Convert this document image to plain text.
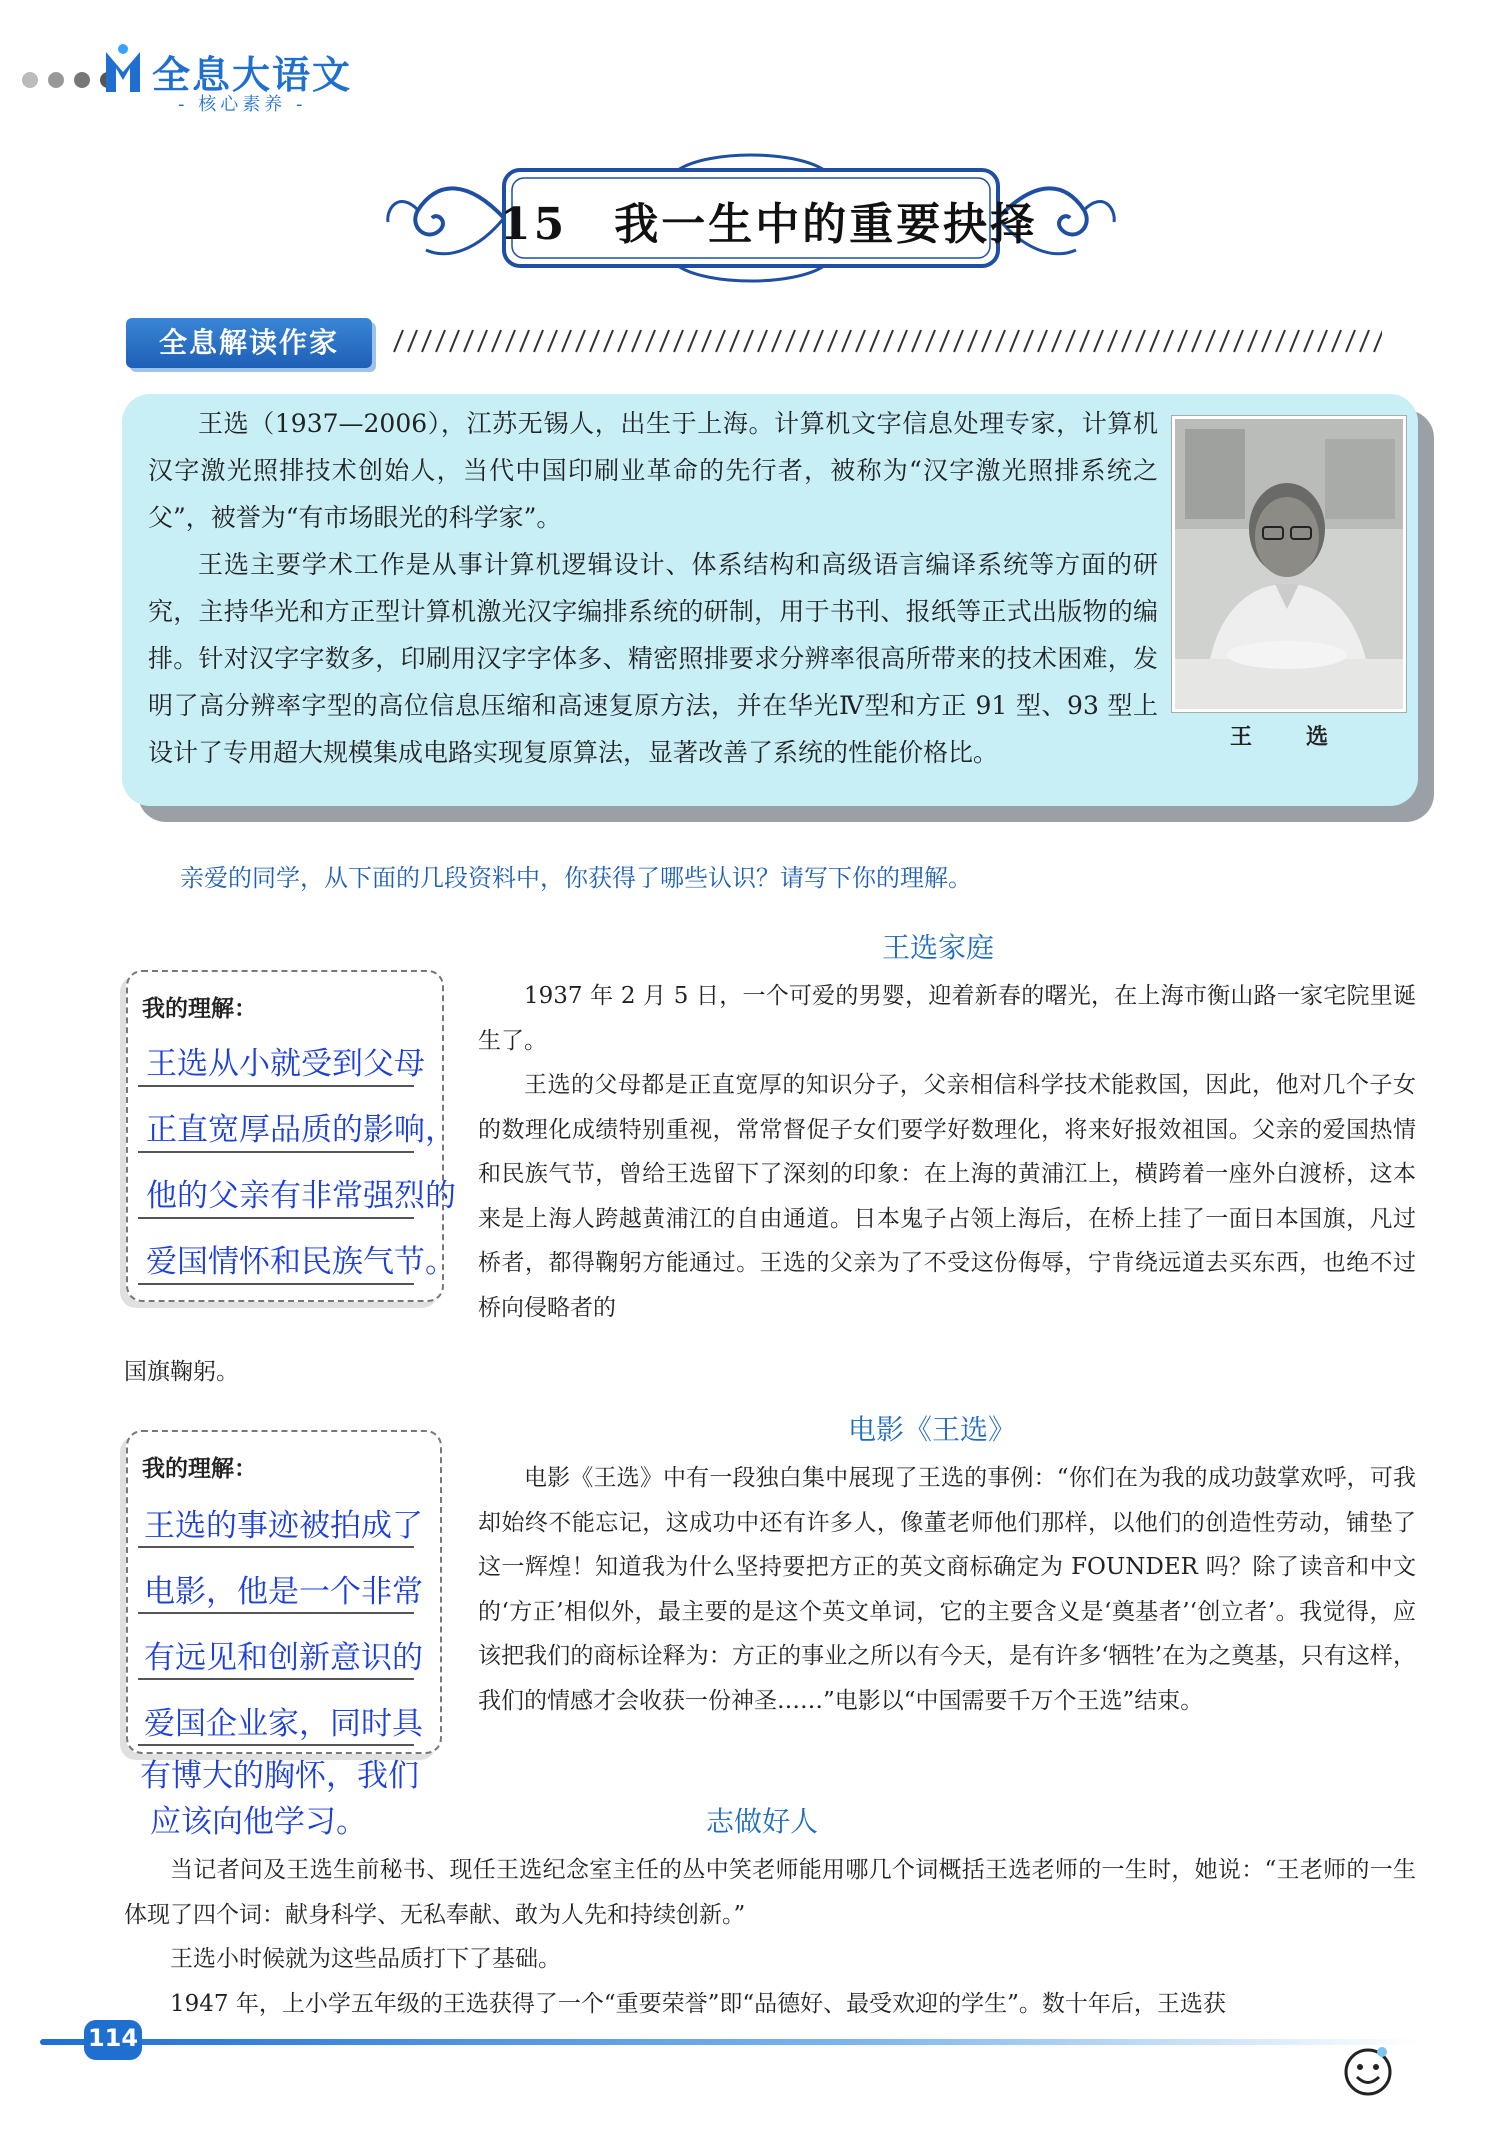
全息大语文
- 核心素养 -
15　我一生中的重要抉择
全息解读作家

王选（1937—2006），江苏无锡人，出生于上海。计算机文字信息处理专家，计算机汉字激光照排技术创始人，当代中国印刷业革命的先行者，被称为“汉字激光照排系统之父”，被誉为“有市场眼光的科学家”。

王选主要学术工作是从事计算机逻辑设计、体系结构和高级语言编译系统等方面的研究，主持华光和方正型计算机激光汉字编排系统的研制，用于书刊、报纸等正式出版物的编排。针对汉字字数多，印刷用汉字字体多、精密照排要求分辨率很高所带来的技术困难，发明了高分辨率字型的高位信息压缩和高速复原方法，并在华光Ⅳ型和方正 91 型、93 型上设计了专用超大规模集成电路实现复原算法，显著改善了系统的性能价格比。

王　选
亲爱的同学，从下面的几段资料中，你获得了哪些认识？请写下你的理解。
王选家庭

1937 年 2 月 5 日，一个可爱的男婴，迎着新春的曙光，在上海市衡山路一家宅院里诞生了。

王选的父母都是正直宽厚的知识分子，父亲相信科学技术能救国，因此，他对几个子女的数理化成绩特别重视，常常督促子女们要学好数理化，将来好报效祖国。父亲的爱国热情和民族气节，曾给王选留下了深刻的印象：在上海的黄浦江上，横跨着一座外白渡桥，这本来是上海人跨越黄浦江的自由通道。日本鬼子占领上海后，在桥上挂了一面日本国旗，凡过桥者，都得鞠躬方能通过。王选的父亲为了不受这份侮辱，宁肯绕远道去买东西，也绝不过桥向侵略者的

国旗鞠躬。
我的理解：
王选从小就受到父母
正直宽厚品质的影响，
他的父亲有非常强烈的
爱国情怀和民族气节。
电影《王选》

电影《王选》中有一段独白集中展现了王选的事例：“你们在为我的成功鼓掌欢呼，可我却始终不能忘记，这成功中还有许多人，像董老师他们那样，以他们的创造性劳动，铺垫了这一辉煌！知道我为什么坚持要把方正的英文商标确定为 FOUNDER 吗？除了读音和中文的‘方正’相似外，最主要的是这个英文单词，它的主要含义是‘奠基者’‘创立者’。我觉得，应该把我们的商标诠释为：方正的事业之所以有今天，是有许多‘牺牲’在为之奠基，只有这样，我们的情感才会收获一份神圣……”电影以“中国需要千万个王选”结束。

我的理解：
王选的事迹被拍成了
电影，他是一个非常
有远见和创新意识的
爱国企业家，同时具
有博大的胸怀，我们
应该向他学习。	志做好人

当记者问及王选生前秘书、现任王选纪念室主任的丛中笑老师能用哪几个词概括王选老师的一生时，她说：“王老师的一生体现了四个词：献身科学、无私奉献、敢为人先和持续创新。”

王选小时候就为这些品质打下了基础。

1947 年，上小学五年级的王选获得了一个“重要荣誉”即“品德好、最受欢迎的学生”。数十年后，王选获

114
